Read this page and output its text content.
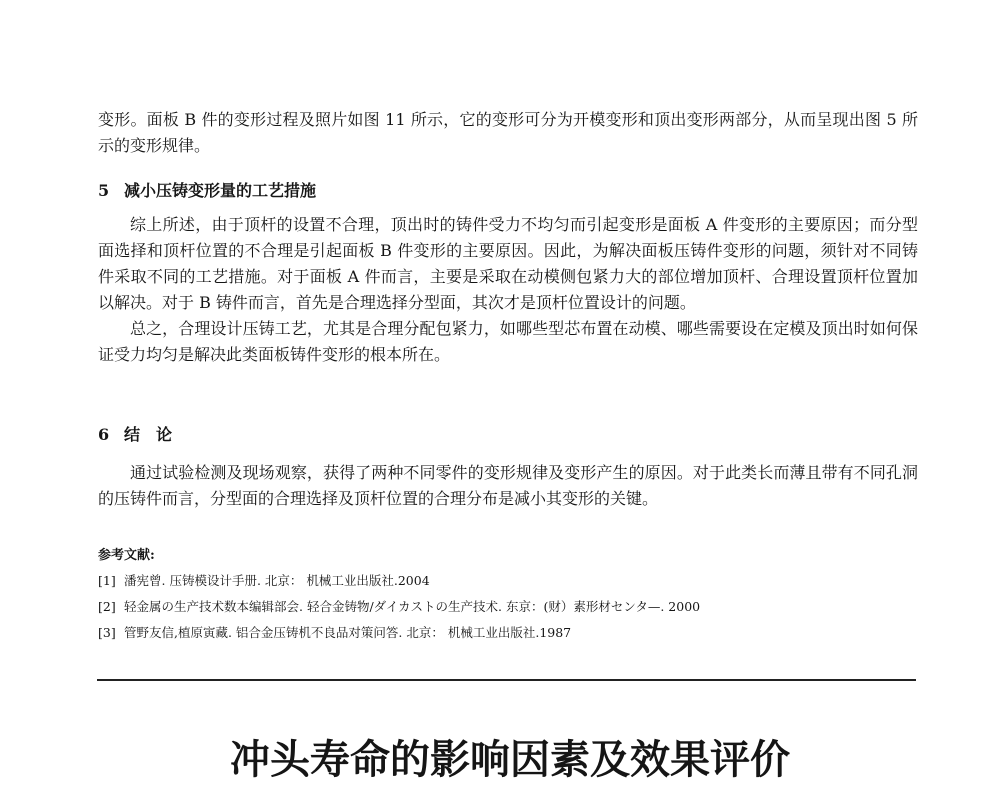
变形。面板 B 件的变形过程及照片如图 11 所示，它的变形可分为开模变形和顶出变形两部分，从而呈现出图 5 所示的变形规律。

5 减小压铸变形量的工艺措施

综上所述，由于顶杆的设置不合理，顶出时的铸件受力不均匀而引起变形是面板 A 件变形的主要原因；而分型面选择和顶杆位置的不合理是引起面板 B 件变形的主要原因。因此，为解决面板压铸件变形的问题，须针对不同铸件采取不同的工艺措施。对于面板 A 件而言，主要是采取在动模侧包紧力大的部位增加顶杆、合理设置顶杆位置加以解决。对于 B 铸件而言，首先是合理选择分型面，其次才是顶杆位置设计的问题。

总之，合理设计压铸工艺，尤其是合理分配包紧力，如哪些型芯布置在动模、哪些需要设在定模及顶出时如何保证受力均匀是解决此类面板铸件变形的根本所在。

6 结　论

通过试验检测及现场观察，获得了两种不同零件的变形规律及变形产生的原因。对于此类长而薄且带有不同孔洞的压铸件而言，分型面的合理选择及顶杆位置的合理分布是减小其变形的关键。

参考文献:

[1] 潘宪曾. 压铸模设计手册. 北京： 机械工业出版社.2004

[2] 轻金属の生产技术数本编辑部会. 轻合金铸物/ダイカストの生产技术. 东京：(财）素形材センタ—. 2000

[3] 管野友信,植原寅藏. 铝合金压铸机不良品对策问答. 北京： 机械工业出版社.1987

冲头寿命的影响因素及效果评价
